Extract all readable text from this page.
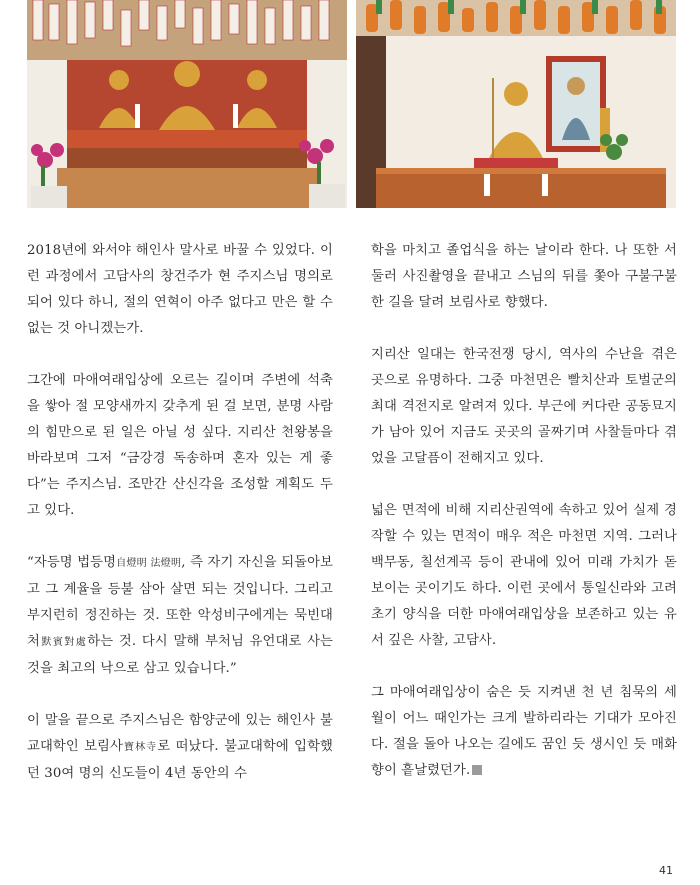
2018년에 와서야 해인사 말사로 바꿀 수 있었다. 이런 과정에서 고담사의 창건주가 현 주지스님 명의로 되어 있다 하니, 절의 연혁이 아주 없다고 만은 할 수 없는 것 아니겠는가.

그간에 마애여래입상에 오르는 길이며 주변에 석축을 쌓아 절 모양새까지 갖추게 된 걸 보면, 분명 사람의 힘만으로 된 일은 아닐 성 싶다. 지리산 천왕봉을 바라보며 그저 “금강경 독송하며 혼자 있는 게 좋다”는 주지스님. 조만간 산신각을 조성할 계획도 두고 있다.

“자등명 법등명自燈明 法燈明, 즉 자기 자신을 되돌아보고 그 계율을 등불 삼아 살면 되는 것입니다. 그리고 부지런히 정진하는 것. 또한 악성비구에게는 묵빈대처默賓對處하는 것. 다시 말해 부처님 유언대로 사는 것을 최고의 낙으로 삼고 있습니다.”

이 말을 끝으로 주지스님은 함양군에 있는 해인사 불교대학인 보림사寶林寺로 떠났다. 불교대학에 입학했던 30여 명의 신도들이 4년 동안의 수

학을 마치고 졸업식을 하는 날이라 한다. 나 또한 서둘러 사진촬영을 끝내고 스님의 뒤를 쫓아 구불구불한 길을 달려 보림사로 향했다.

지리산 일대는 한국전쟁 당시, 역사의 수난을 겪은 곳으로 유명하다. 그중 마천면은 빨치산과 토벌군의 최대 격전지로 알려져 있다. 부근에 커다란 공동묘지가 남아 있어 지금도 곳곳의 골짜기며 사찰들마다 겪었을 고달픔이 전해지고 있다.

넓은 면적에 비해 지리산권역에 속하고 있어 실제 경작할 수 있는 면적이 매우 적은 마천면 지역. 그러나 백무동, 칠선계곡 등이 관내에 있어 미래 가치가 돋보이는 곳이기도 하다. 이런 곳에서 통일신라와 고려 초기 양식을 더한 마애여래입상을 보존하고 있는 유서 깊은 사찰, 고담사.

그 마애여래입상이 숨은 듯 지켜낸 천 년 침묵의 세월이 어느 때인가는 크게 발하리라는 기대가 모아진다. 절을 돌아 나오는 길에도 꿈인 듯 생시인 듯 매화향이 흩날렸던가.

41
